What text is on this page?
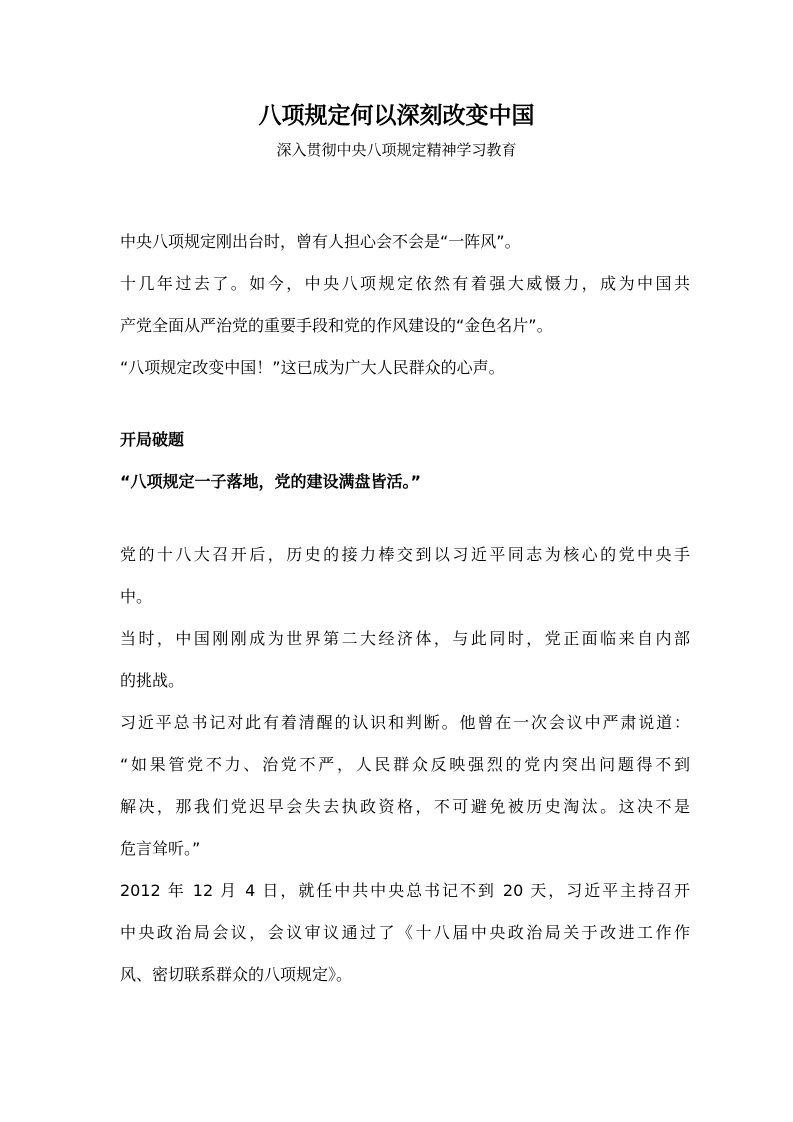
八项规定何以深刻改变中国
深入贯彻中央八项规定精神学习教育
中央八项规定刚出台时，曾有人担心会不会是“一阵风”。
十几年过去了。如今，中央八项规定依然有着强大威慑力，成为中国共
产党全面从严治党的重要手段和党的作风建设的“金色名片”。
“八项规定改变中国！”这已成为广大人民群众的心声。
开局破题
“八项规定一子落地，党的建设满盘皆活。”
党的十八大召开后，历史的接力棒交到以习近平同志为核心的党中央手
中。
当时，中国刚刚成为世界第二大经济体，与此同时，党正面临来自内部
的挑战。
习近平总书记对此有着清醒的认识和判断。他曾在一次会议中严肃说道：
“如果管党不力、治党不严，人民群众反映强烈的党内突出问题得不到
解决，那我们党迟早会失去执政资格，不可避免被历史淘汰。这决不是
危言耸听。”
2012 年 12 月 4 日，就任中共中央总书记不到 20 天，习近平主持召开
中央政治局会议，会议审议通过了《十八届中央政治局关于改进工作作
风、密切联系群众的八项规定》。
